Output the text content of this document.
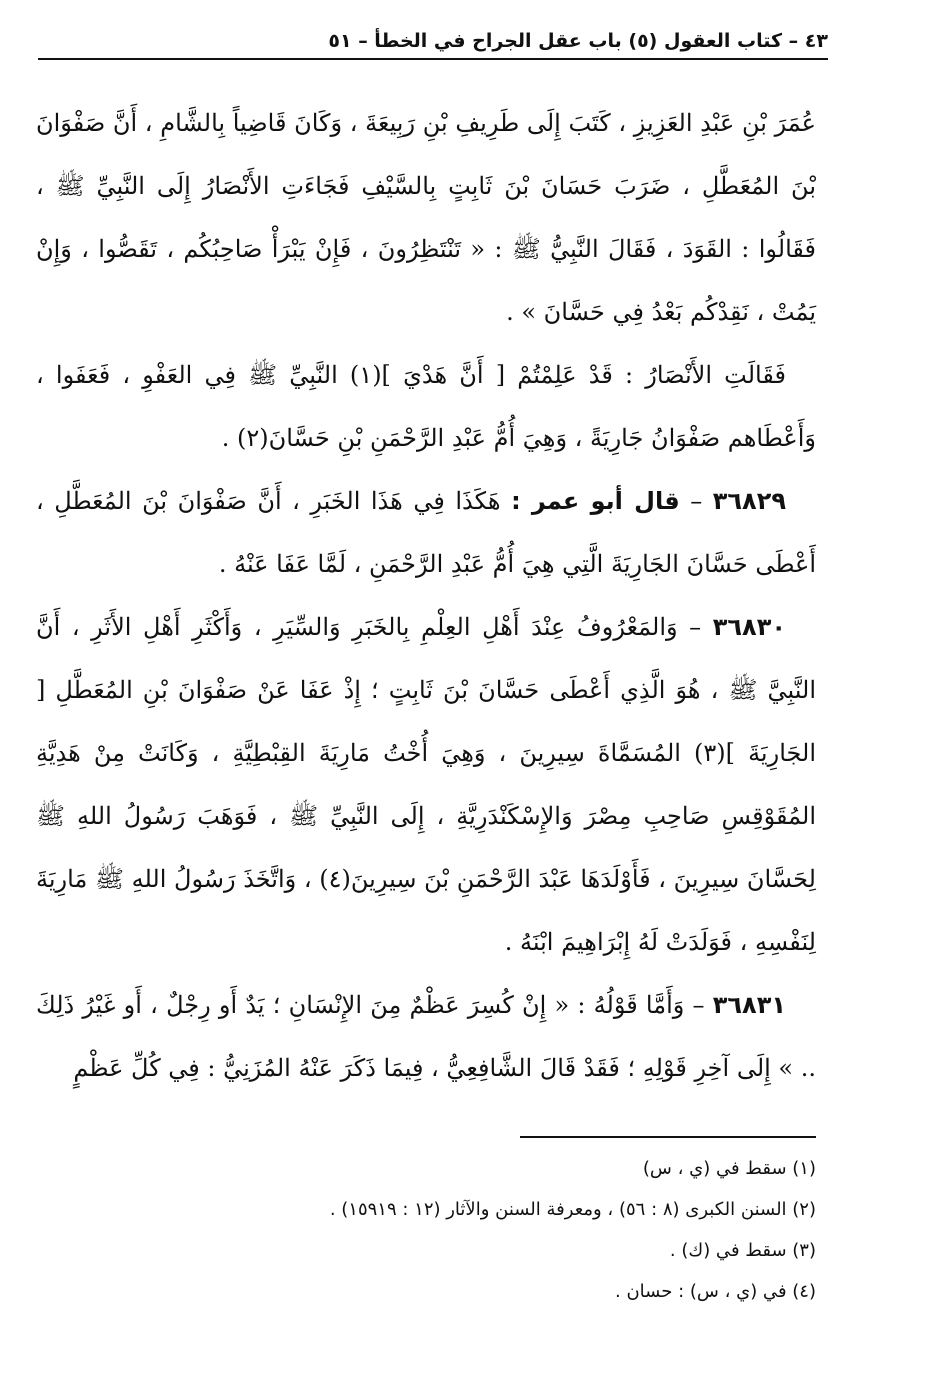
٤٣ – كتاب العقول (٥) باب عقل الجراح في الخطأ – ٥١

عُمَرَ بْنِ عَبْدِ العَزِيزِ ، كَتَبَ إِلَى طَرِيفِ بْنِ رَبِيعَةَ ، وَكَانَ قَاضِياً بِالشَّامِ ، أَنَّ صَفْوَانَ بْنَ المُعَطَّلِ ، ضَرَبَ حَسَانَ بْنَ ثَابِتٍ بِالسَّيْفِ فَجَاءَتِ الأَنْصَارُ إِلَى النَّبِيِّ ﷺ ، فَقَالُوا : القَوَدَ ، فَقَالَ النَّبِيُّ ﷺ : « تَنْتَظِرُونَ ، فَإِنْ يَبْرَأْ صَاحِبُكُم ، تَقَصُّوا ، وَإِنْ يَمُتْ ، نَقِدْكُم بَعْدُ فِي حَسَّانَ » .

فَقَالَتِ الأَنْصَارُ : قَدْ عَلِمْتُمْ [ أَنَّ هَدْيَ ](١) النَّبِيِّ ﷺ فِي العَفْوِ ، فَعَفَوا ، وَأَعْطَاهم صَفْوَانُ جَارِيَةً ، وَهِيَ أُمُّ عَبْدِ الرَّحْمَنِ بْنِ حَسَّانَ(٢) .

٣٦٨٢٩ – قال أبو عمر : هَكَذَا فِي هَذَا الخَبَرِ ، أَنَّ صَفْوَانَ بْنَ المُعَطَّلِ ، أَعْطَى حَسَّانَ الجَارِيَةَ الَّتِي هِيَ أُمُّ عَبْدِ الرَّحْمَنِ ، لَمَّا عَفَا عَنْهُ .

٣٦٨٣٠ – وَالمَعْرُوفُ عِنْدَ أَهْلِ العِلْمِ بِالخَبَرِ وَالسِّيَرِ ، وَأَكْثَرِ أَهْلِ الأَثَرِ ، أَنَّ النَّبِيَّ ﷺ ، هُوَ الَّذِي أَعْطَى حَسَّانَ بْنَ ثَابِتٍ ؛ إِذْ عَفَا عَنْ صَفْوَانَ بْنِ المُعَطَّلِ [ الجَارِيَةَ ](٣) المُسَمَّاةَ سِيرِينَ ، وَهِيَ أُخْتُ مَارِيَةَ القِبْطِيَّةِ ، وَكَانَتْ مِنْ هَدِيَّةِ المُقَوْقِسِ صَاحِبِ مِصْرَ وَالإِسْكَنْدَرِيَّةِ ، إِلَى النَّبِيِّ ﷺ ، فَوَهَبَ رَسُولُ اللهِ ﷺ لِحَسَّانَ سِيرِينَ ، فَأَوْلَدَهَا عَبْدَ الرَّحْمَنِ بْنَ سِيرِينَ(٤) ، وَاتَّخَذَ رَسُولُ اللهِ ﷺ مَارِيَةَ لِنَفْسِهِ ، فَوَلَدَتْ لَهُ إِبْرَاهِيمَ ابْنَهُ .

٣٦٨٣١ – وَأَمَّا قَوْلُهُ : « إِنْ كُسِرَ عَظْمٌ مِنَ الإِنْسَانِ ؛ يَدٌ أَو رِجْلٌ ، أَو غَيْرُ ذَلِكَ .. » إِلَى آخِرِ قَوْلِهِ ؛ فَقَدْ قَالَ الشَّافِعِيُّ ، فِيمَا ذَكَرَ عَنْهُ المُزَنِيُّ : فِي كُلِّ عَظْمٍ

(١) سقط في (ي ، س)

(٢) السنن الكبرى (٨ : ٥٦) ، ومعرفة السنن والآثار (١٢ : ١٥٩١٩) .

(٣) سقط في (ك) .

(٤) في (ي ، س) : حسان .
